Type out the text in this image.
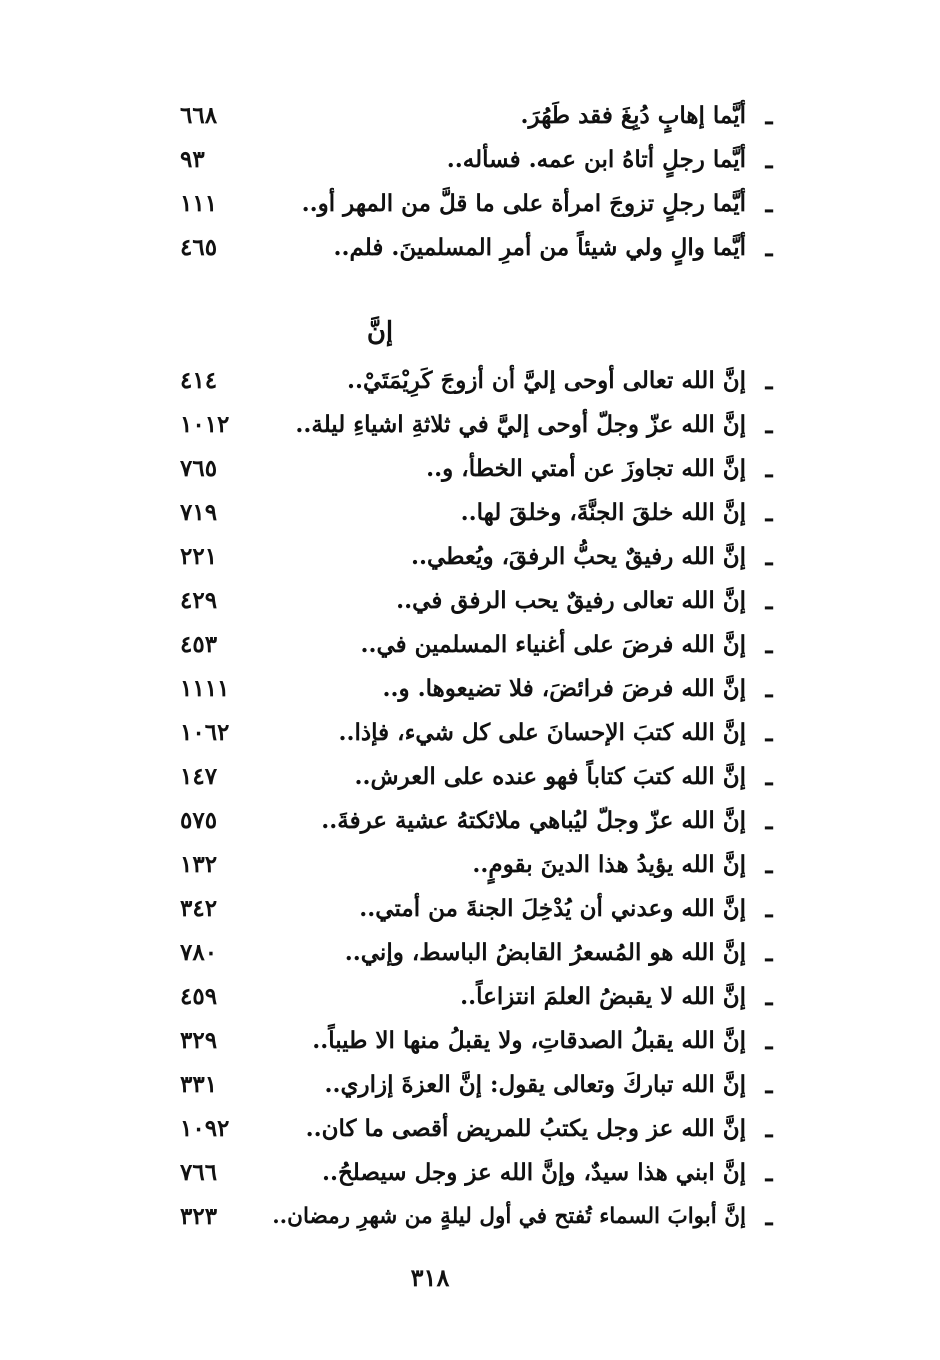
ـ
أيَّما إهابٍ دُبِغَ فقد طَهُرَ.
٦٦٨
ـ
أيَّما رجلٍ أتاهُ ابن عمه. فسأله..
٩٣
ـ
أيَّما رجلٍ تزوجَ امرأة على ما قلَّ من المهر أو..
١١١
ـ
أيَّما والٍ ولي شيئاً من أمرِ المسلمينَ. فلم..
٤٦٥
إنَّ
ـ
إنَّ الله تعالى أوحى إليَّ أن أزوجَ كَرِيْمَتَيْ..
٤١٤
ـ
إنَّ الله عزّ وجلّ أوحى إليَّ في ثلاثةِ اشياءِ ليلة..
١٠١٢
ـ
إنَّ الله تجاوزَ عن أمتي الخطأ، و..
٧٦٥
ـ
إنَّ الله خلقَ الجنَّةَ، وخلقَ لها..
٧١٩
ـ
إنَّ الله رفيقٌ يحبُّ الرفقَ، ويُعطي..
٢٢١
ـ
إنَّ الله تعالى رفيقٌ يحب الرفق في..
٤٢٩
ـ
إنَّ الله فرضَ على أغنياء المسلمين في..
٤٥٣
ـ
إنَّ الله فرضَ فرائضَ، فلا تضيعوها. و..
١١١١
ـ
إنَّ الله كتبَ الإحسانَ على كل شيء، فإذا..
١٠٦٢
ـ
إنَّ الله كتبَ كتاباً فهو عنده على العرش..
١٤٧
ـ
إنَّ الله عزّ وجلّ ليُباهي ملائكتهُ عشية عرفةَ..
٥٧٥
ـ
إنَّ الله يؤيدُ هذا الدينَ بقومٍ..
١٣٢
ـ
إنَّ الله وعدني أن يُدْخِلَ الجنةَ من أمتي..
٣٤٢
ـ
إنَّ الله هو المُسعرُ القابضُ الباسط، وإني..
٧٨٠
ـ
إنَّ الله لا يقبضُ العلمَ انتزاعاً..
٤٥٩
ـ
إنَّ الله يقبلُ الصدقاتِ، ولا يقبلُ منها الا طيباً..
٣٢٩
ـ
إنَّ الله تباركَ وتعالى يقول: إنَّ العزةَ إزاري..
٣٣١
ـ
إنَّ الله عز وجل يكتبُ للمريض أقصى ما كان..
١٠٩٢
ـ
إنَّ ابني هذا سيدٌ، وإنَّ الله عز وجل سيصلحُ..
٧٦٦
ـ
إنَّ أبوابَ السماء تُفتح في أول ليلةٍ من شهرِ رمضان..
٣٢٣
٣١٨
